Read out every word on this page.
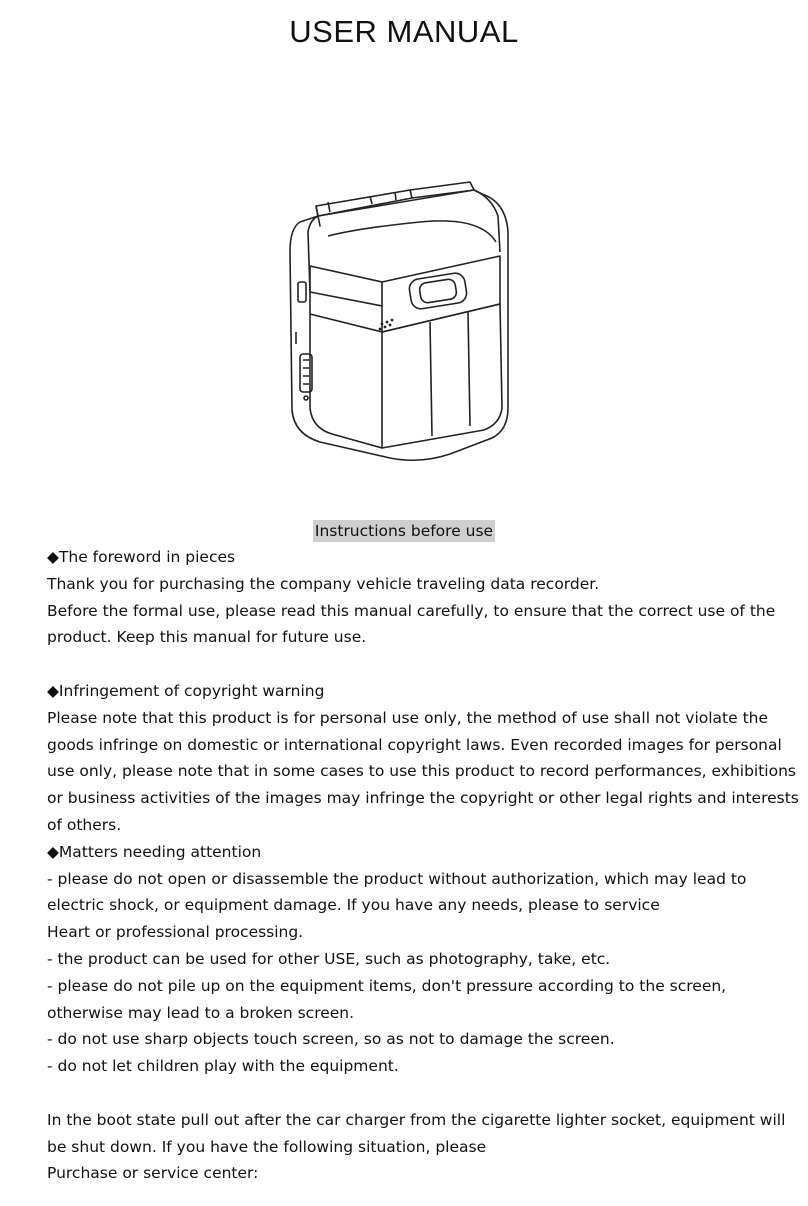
USER MANUAL
Instructions before use

◆The foreword in pieces

Thank you for purchasing the company vehicle traveling data recorder.

Before the formal use, please read this manual carefully, to ensure that the correct use of the

product. Keep this manual for future use.

◆Infringement of copyright warning

Please note that this product is for personal use only, the method of use shall not violate the

goods infringe on domestic or international copyright laws. Even recorded images for personal

use only, please note that in some cases to use this product to record performances, exhibitions

or business activities of the images may infringe the copyright or other legal rights and interests

of others.

◆Matters needing attention

- please do not open or disassemble the product without authorization, which may lead to

electric shock, or equipment damage. If you have any needs, please to service

Heart or professional processing.

- the product can be used for other USE, such as photography, take, etc.

- please do not pile up on the equipment items, don't pressure according to the screen,

otherwise may lead to a broken screen.

- do not use sharp objects touch screen, so as not to damage the screen.

- do not let children play with the equipment.

In the boot state pull out after the car charger from the cigarette lighter socket, equipment will

be shut down. If you have the following situation, please

Purchase or service center:
